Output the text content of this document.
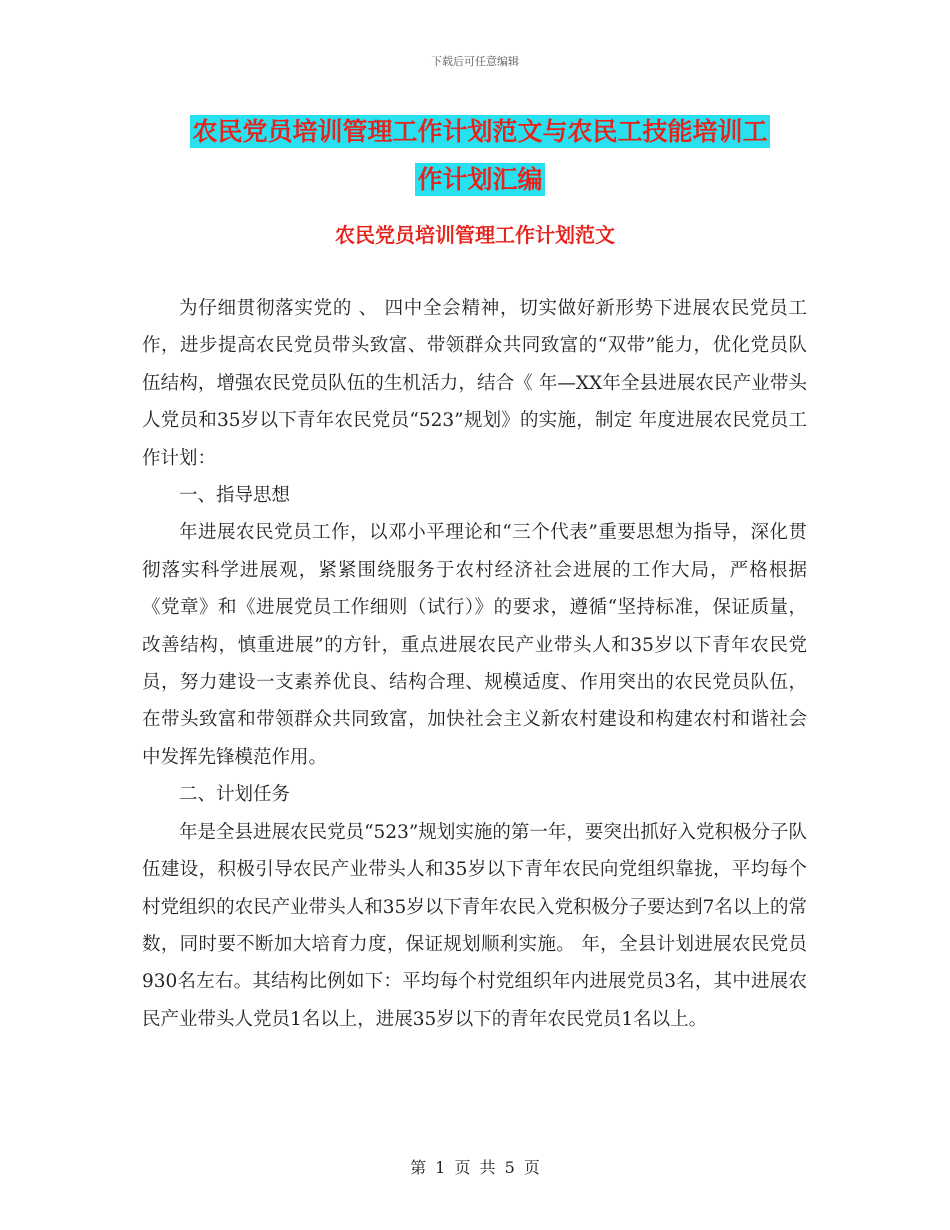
下载后可任意编辑
农民党员培训管理工作计划范文与农民工技能培训工
作计划汇编
农民党员培训管理工作计划范文

为仔细贯彻落实党的 、 四中全会精神，切实做好新形势下进展农民党员工作，进步提高农民党员带头致富、带领群众共同致富的“双带”能力，优化党员队伍结构，增强农民党员队伍的生机活力，结合《 年—XX年全县进展农民产业带头人党员和35岁以下青年农民党员“523”规划》的实施，制定 年度进展农民党员工作计划：

一、指导思想

年进展农民党员工作，以邓小平理论和“三个代表”重要思想为指导，深化贯彻落实科学进展观，紧紧围绕服务于农村经济社会进展的工作大局，严格根据《党章》和《进展党员工作细则（试行）》的要求，遵循“坚持标准，保证质量，改善结构，慎重进展”的方针，重点进展农民产业带头人和35岁以下青年农民党员，努力建设一支素养优良、结构合理、规模适度、作用突出的农民党员队伍，在带头致富和带领群众共同致富，加快社会主义新农村建设和构建农村和谐社会中发挥先锋模范作用。

二、计划任务

年是全县进展农民党员“523”规划实施的第一年，要突出抓好入党积极分子队伍建设，积极引导农民产业带头人和35岁以下青年农民向党组织靠拢，平均每个村党组织的农民产业带头人和35岁以下青年农民入党积极分子要达到7名以上的常数，同时要不断加大培育力度，保证规划顺利实施。 年，全县计划进展农民党员930名左右。其结构比例如下：平均每个村党组织年内进展党员3名，其中进展农民产业带头人党员1名以上，进展35岁以下的青年农民党员1名以上。

第 1 页 共 5 页
